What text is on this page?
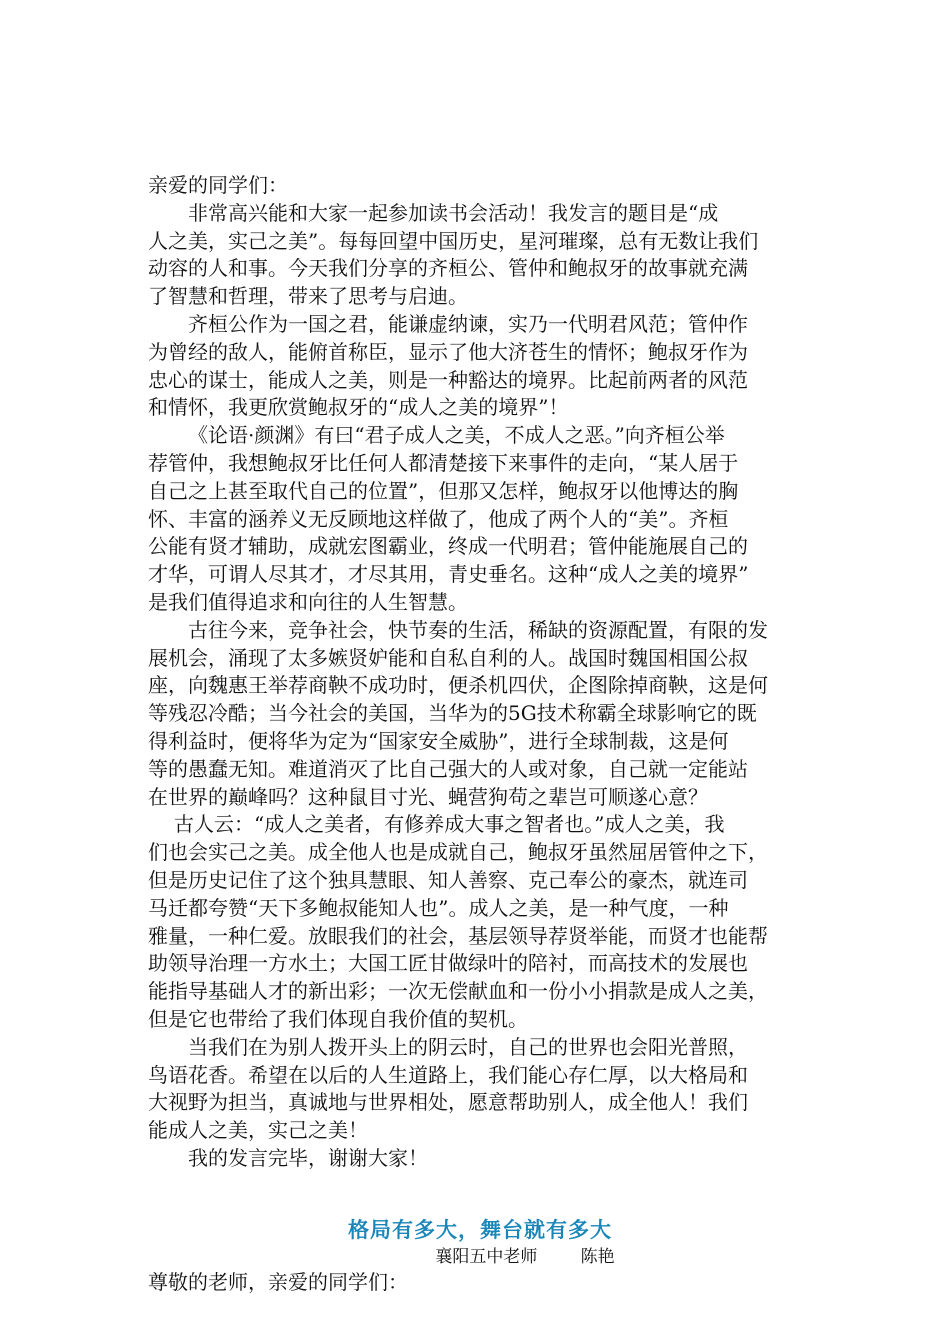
亲爱的同学们：
非常高兴能和大家一起参加读书会活动！我发言的题目是“成
人之美，实己之美”。每每回望中国历史，星河璀璨，总有无数让我们
动容的人和事。今天我们分享的齐桓公、管仲和鲍叔牙的故事就充满
了智慧和哲理，带来了思考与启迪。
齐桓公作为一国之君，能谦虚纳谏，实乃一代明君风范；管仲作
为曾经的敌人，能俯首称臣，显示了他大济苍生的情怀；鲍叔牙作为
忠心的谋士，能成人之美，则是一种豁达的境界。比起前两者的风范
和情怀，我更欣赏鲍叔牙的“成人之美的境界”！
《论语·颜渊》有曰“君子成人之美，不成人之恶。”向齐桓公举
荐管仲，我想鲍叔牙比任何人都清楚接下来事件的走向，“某人居于
自己之上甚至取代自己的位置”，但那又怎样，鲍叔牙以他博达的胸
怀、丰富的涵养义无反顾地这样做了，他成了两个人的“美”。齐桓
公能有贤才辅助，成就宏图霸业，终成一代明君；管仲能施展自己的
才华，可谓人尽其才，才尽其用，青史垂名。这种“成人之美的境界”
是我们值得追求和向往的人生智慧。
古往今来，竞争社会，快节奏的生活，稀缺的资源配置，有限的发
展机会，涌现了太多嫉贤妒能和自私自利的人。战国时魏国相国公叔
座，向魏惠王举荐商鞅不成功时，便杀机四伏，企图除掉商鞅，这是何
等残忍冷酷；当今社会的美国，当华为的5G技术称霸全球影响它的既
得利益时，便将华为定为“国家安全威胁”，进行全球制裁，这是何
等的愚蠢无知。难道消灭了比自己强大的人或对象，自己就一定能站
在世界的巅峰吗？这种鼠目寸光、蝇营狗苟之辈岂可顺遂心意？
古人云：“成人之美者，有修养成大事之智者也。”成人之美，我
们也会实己之美。成全他人也是成就自己，鲍叔牙虽然屈居管仲之下，
但是历史记住了这个独具慧眼、知人善察、克己奉公的豪杰，就连司
马迁都夸赞“天下多鲍叔能知人也”。成人之美，是一种气度，一种
雅量，一种仁爱。放眼我们的社会，基层领导荐贤举能，而贤才也能帮
助领导治理一方水土；大国工匠甘做绿叶的陪衬，而高技术的发展也
能指导基础人才的新出彩；一次无偿献血和一份小小捐款是成人之美，
但是它也带给了我们体现自我价值的契机。
当我们在为别人拨开头上的阴云时，自己的世界也会阳光普照，
鸟语花香。希望在以后的人生道路上，我们能心存仁厚，以大格局和
大视野为担当，真诚地与世界相处，愿意帮助别人，成全他人！我们
能成人之美，实己之美！
我的发言完毕，谢谢大家！
格局有多大，舞台就有多大
襄阳五中老师        陈艳
尊敬的老师，亲爱的同学们：
